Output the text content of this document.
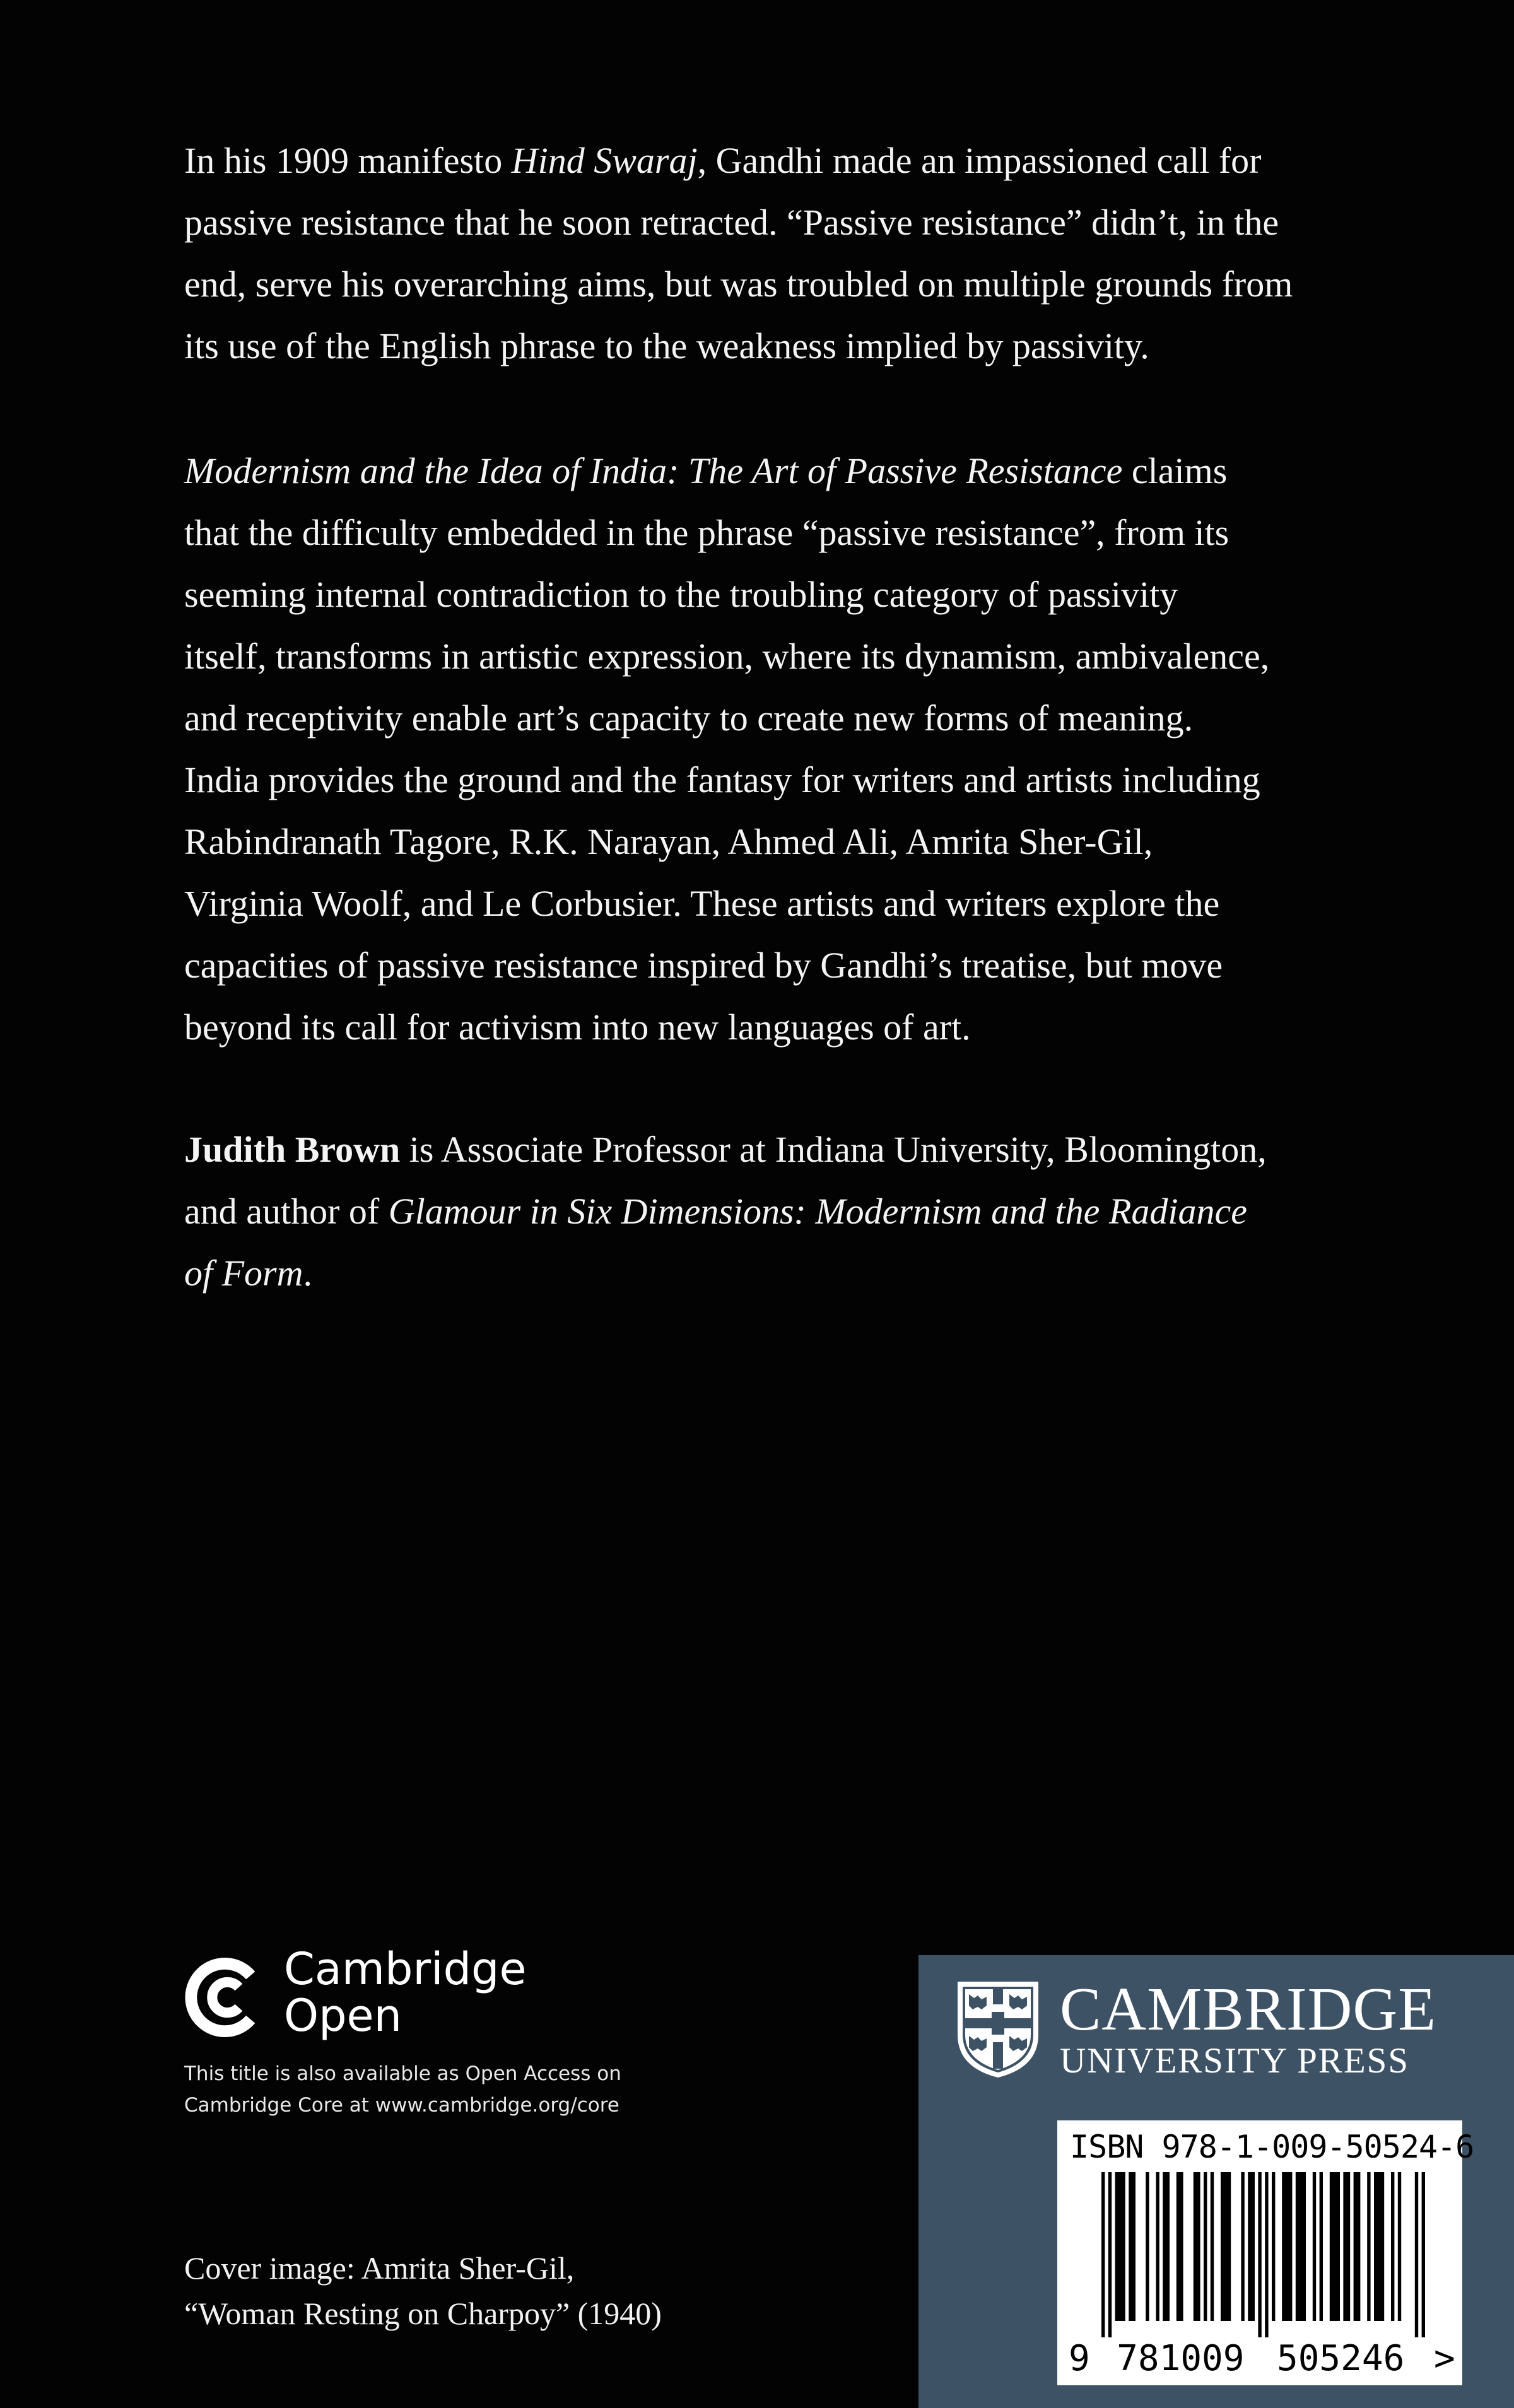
In his 1909 manifesto Hind Swaraj, Gandhi made an impassioned call for
passive resistance that he soon retracted. “Passive resistance” didn’t, in the
end, serve his overarching aims, but was troubled on multiple grounds from
its use of the English phrase to the weakness implied by passivity.
Modernism and the Idea of India: The Art of Passive Resistance claims
that the difficulty embedded in the phrase “passive resistance”, from its
seeming internal contradiction to the troubling category of passivity
itself, transforms in artistic expression, where its dynamism, ambivalence,
and receptivity enable art’s capacity to create new forms of meaning.
India provides the ground and the fantasy for writers and artists including
Rabindranath Tagore, R.K. Narayan, Ahmed Ali, Amrita Sher-Gil,
Virginia Woolf, and Le Corbusier. These artists and writers explore the
capacities of passive resistance inspired by Gandhi’s treatise, but move
beyond its call for activism into new languages of art.
Judith Brown is Associate Professor at Indiana University, Bloomington,
and author of Glamour in Six Dimensions: Modernism and the Radiance
of Form.
Cambridge
Open
This title is also available as Open Access on
Cambridge Core at www.cambridge.org/core
Cover image: Amrita Sher-Gil,
“Woman Resting on Charpoy” (1940)
CAMBRIDGE
UNIVERSITY PRESS
9 781009 505246 >
ISBN 978-1-009-50524-6
